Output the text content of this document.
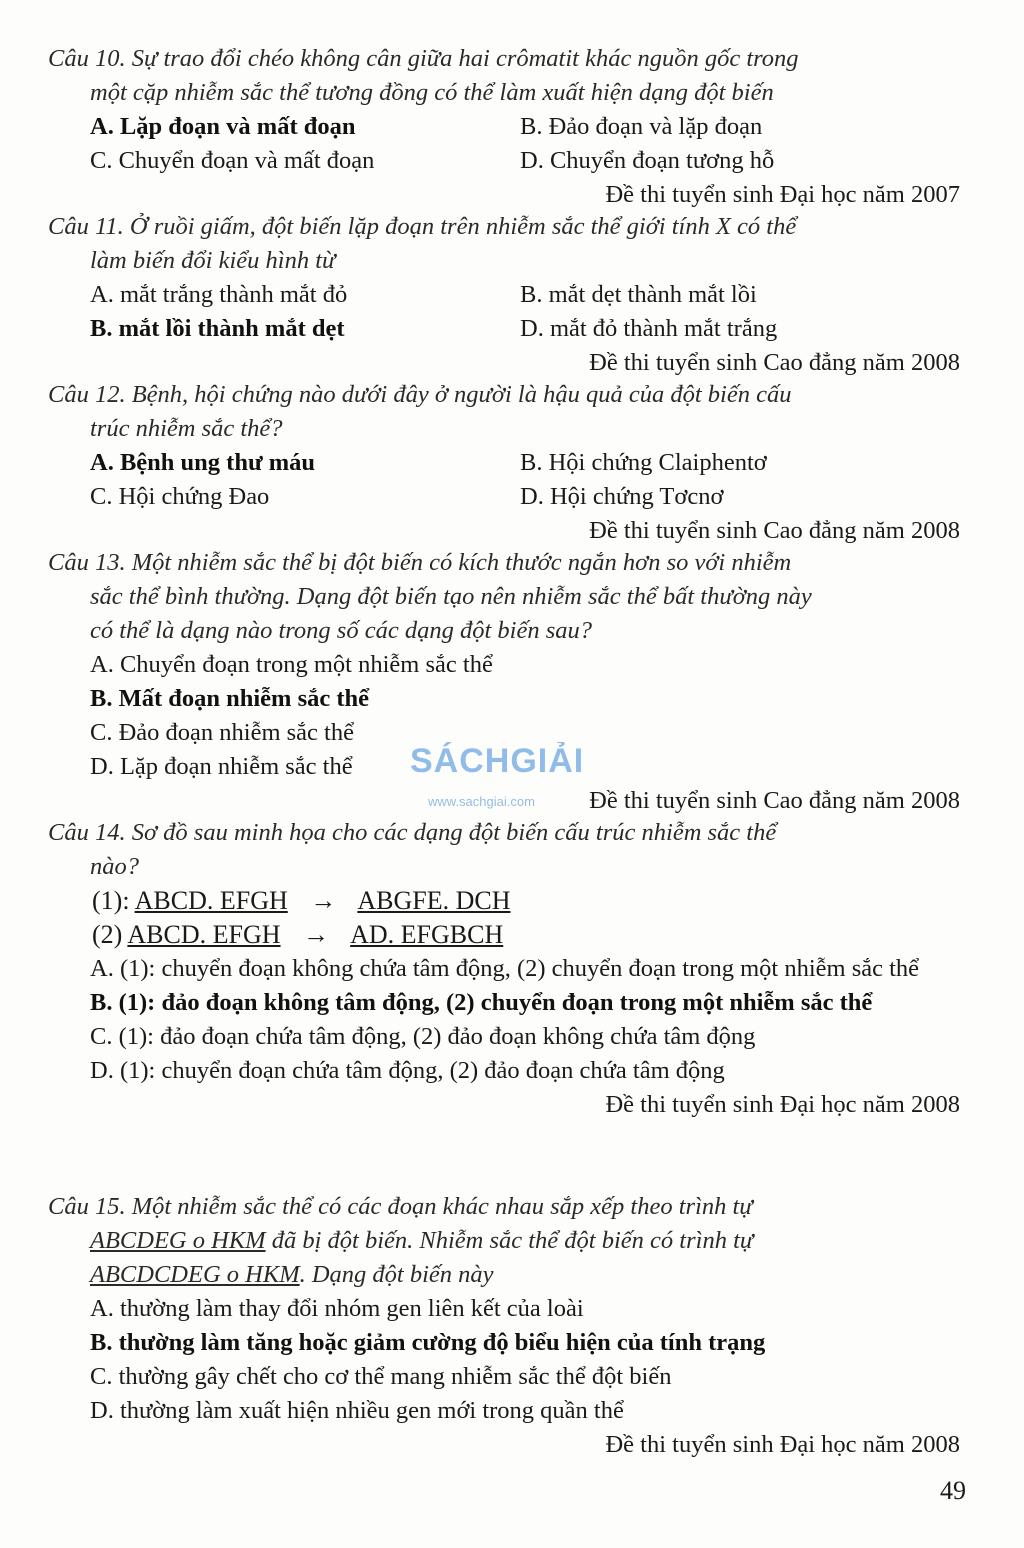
Câu 10. Sự trao đổi chéo không cân giữa hai crômatit khác nguồn gốc trong
một cặp nhiễm sắc thể tương đồng có thể làm xuất hiện dạng đột biến

A. Lặp đoạn và mất đoạn	B. Đảo đoạn và lặp đoạn
C. Chuyển đoạn và mất đoạn	D. Chuyển đoạn tương hỗ
Đề thi tuyển sinh Đại học năm 2007

Câu 11. Ở ruồi giấm, đột biến lặp đoạn trên nhiễm sắc thể giới tính X có thể
làm biến đổi kiểu hình từ

A. mắt trắng thành mắt đỏ	B. mắt dẹt thành mắt lồi
B. mắt lồi thành mắt dẹt	D. mắt đỏ thành mắt trắng
Đề thi tuyển sinh Cao đẳng năm 2008

Câu 12. Bệnh, hội chứng nào dưới đây ở người là hậu quả của đột biến cấu
trúc nhiễm sắc thể?

A. Bệnh ung thư máu	B. Hội chứng Claiphentơ
C. Hội chứng Đao	D. Hội chứng Tơcnơ
Đề thi tuyển sinh Cao đẳng năm 2008

Câu 13. Một nhiễm sắc thể bị đột biến có kích thước ngắn hơn so với nhiễm
sắc thể bình thường. Dạng đột biến tạo nên nhiễm sắc thể bất thường này
có thể là dạng nào trong số các dạng đột biến sau?

A. Chuyển đoạn trong một nhiễm sắc thể
B. Mất đoạn nhiễm sắc thể
C. Đảo đoạn nhiễm sắc thể
D. Lặp đoạn nhiễm sắc thể
Đề thi tuyển sinh Cao đẳng năm 2008

Câu 14. Sơ đồ sau minh họa cho các dạng đột biến cấu trúc nhiễm sắc thể
nào?

(1): ABCD. EFGH → ABGFE. DCH
(2) ABCD. EFGH → AD. EFGBCH
A. (1): chuyển đoạn không chứa tâm động, (2) chuyển đoạn trong một nhiễm sắc thể
B. (1): đảo đoạn không tâm động, (2) chuyển đoạn trong một nhiễm sắc thể
C. (1): đảo đoạn chứa tâm động, (2) đảo đoạn không chứa tâm động
D. (1): chuyển đoạn chứa tâm động, (2) đảo đoạn chứa tâm động
Đề thi tuyển sinh Đại học năm 2008

Câu 15. Một nhiễm sắc thể có các đoạn khác nhau sắp xếp theo trình tự
ABCDEG o HKM đã bị đột biến. Nhiễm sắc thể đột biến có trình tự
ABCDCDEG o HKM. Dạng đột biến này

A. thường làm thay đổi nhóm gen liên kết của loài
B. thường làm tăng hoặc giảm cường độ biểu hiện của tính trạng
C. thường gây chết cho cơ thể mang nhiễm sắc thể đột biến
D. thường làm xuất hiện nhiều gen mới trong quần thể
Đề thi tuyển sinh Đại học năm 2008
SÁCHGIẢI
www.sachgiai.com
49
